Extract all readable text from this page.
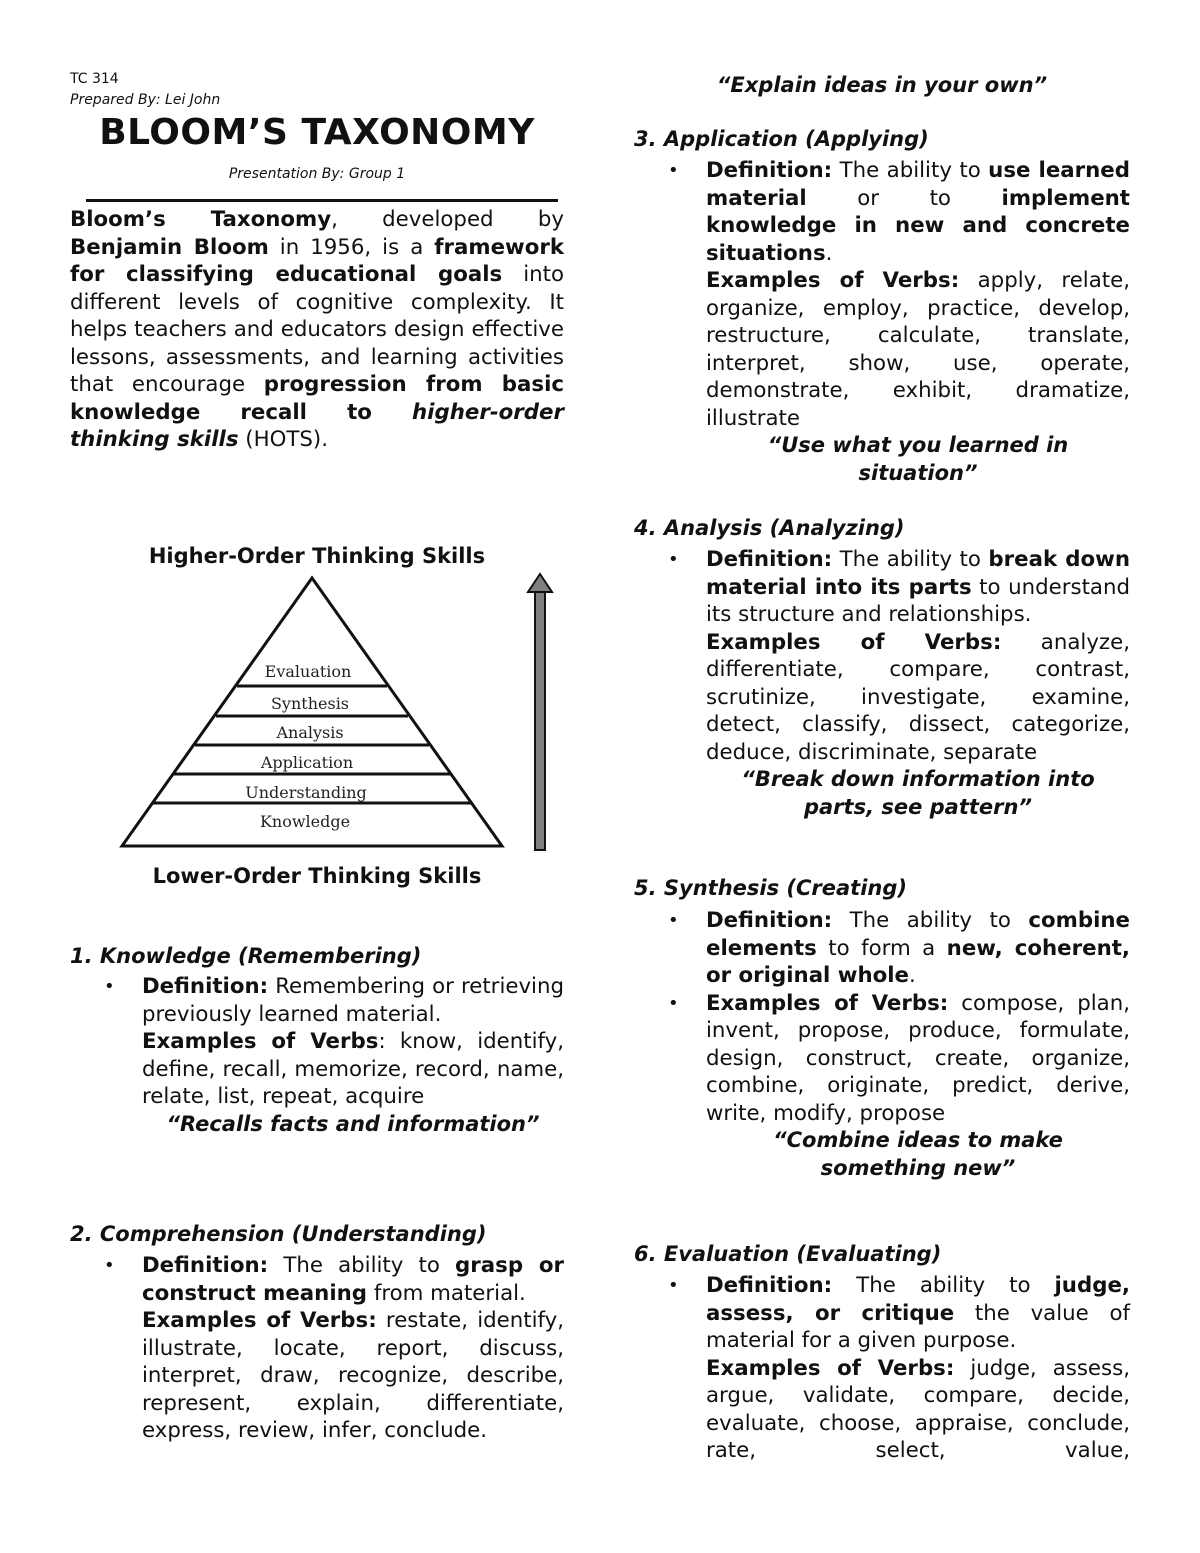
TC 314
Prepared By: Lei John
BLOOM’S TAXONOMY
Presentation By: Group 1

Bloom’s Taxonomy, developed by Benjamin Bloom in 1956, is a framework for classifying educational goals into different levels of cognitive complexity. It helps teachers and educators design effective lessons, assessments, and learning activities that encourage progression from basic knowledge recall to higher-order thinking skills (HOTS).

Higher-Order Thinking Skills
Evaluation
Synthesis
Analysis
Application
Understanding
Knowledge
Lower-Order Thinking Skills
1. Knowledge (Remembering)
• Definition: Remembering or retrieving previously learned material.

Examples of Verbs: know, identify, define, recall, memorize, record, name, relate, list, repeat, acquire

“Recalls facts and information”

2. Comprehension (Understanding)
• Definition: The ability to grasp or construct meaning from material.

Examples of Verbs: restate, identify, illustrate, locate, report, discuss, interpret, draw, recognize, describe, represent, explain, differentiate, express, review, infer, conclude.

“Explain ideas in your own”
3. Application (Applying)
• Definition: The ability to use learned material or to implement knowledge in new and concrete situations.

Examples of Verbs: apply, relate, organize, employ, practice, develop, restructure, calculate, translate, interpret, show, use, operate, demonstrate, exhibit, dramatize, illustrate

“Use what you learned in situation”

4. Analysis (Analyzing)
• Definition: The ability to break down material into its parts to understand its structure and relationships.

Examples of Verbs: analyze, differentiate, compare, contrast, scrutinize, investigate, examine, detect, classify, dissect, categorize, deduce, discriminate, separate

“Break down information into parts, see pattern”

5. Synthesis (Creating)
• Definition: The ability to combine elements to form a new, coherent, or original whole.

• Examples of Verbs: compose, plan, invent, propose, produce, formulate, design, construct, create, organize, combine, originate, predict, derive, write, modify, propose

“Combine ideas to make something new”

6. Evaluation (Evaluating)
• Definition: The ability to judge, assess, or critique the value of material for a given purpose.

Examples of Verbs: judge, assess, argue, validate, compare, decide, evaluate, choose, appraise, conclude, rate, select, value,
